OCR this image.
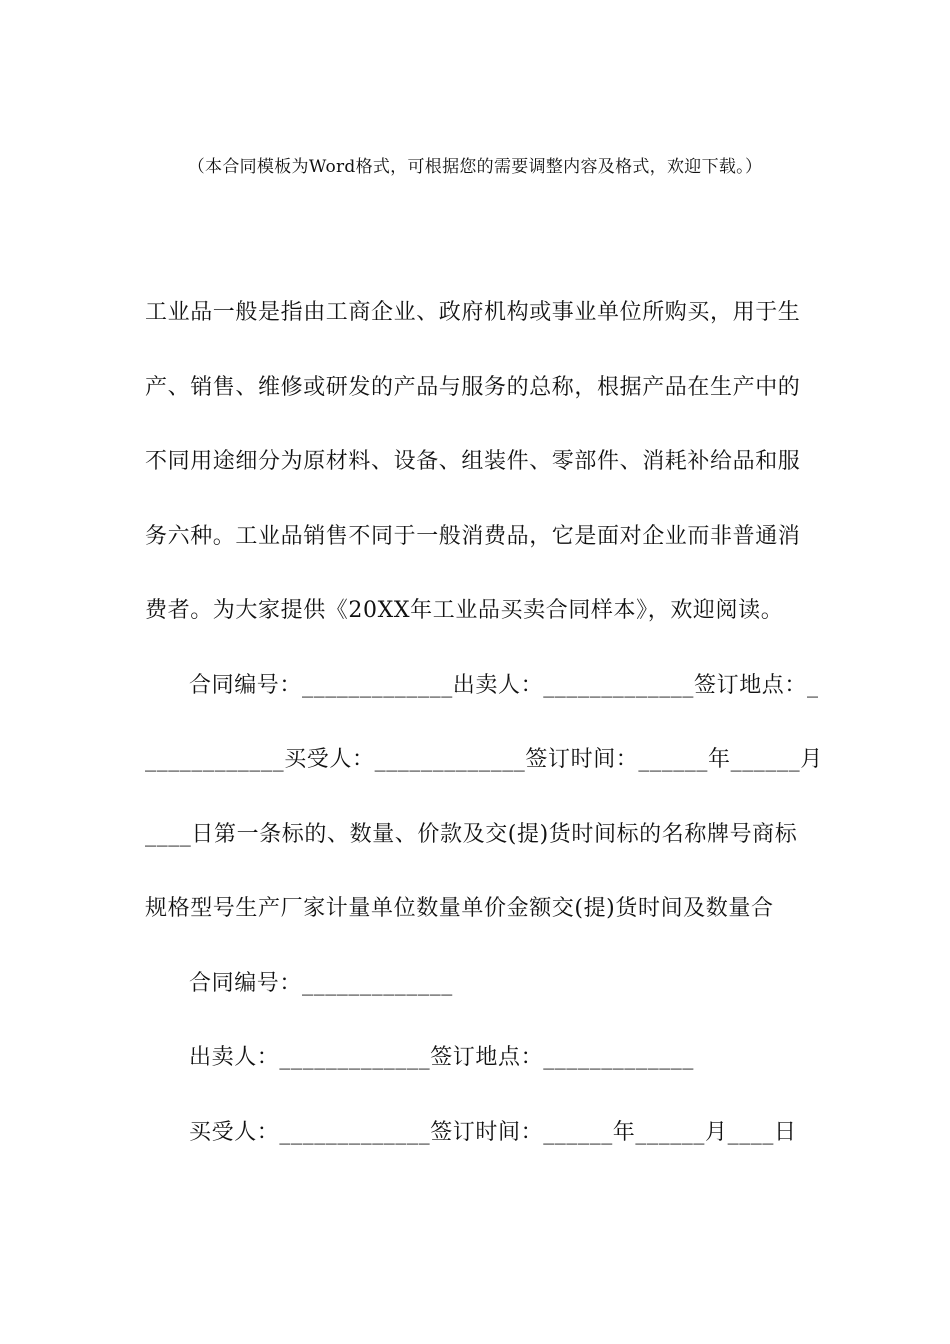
（本合同模板为Word格式，可根据您的需要调整内容及格式，欢迎下载。）
工业品一般是指由工商企业、政府机构或事业单位所购买，用于生
产、销售、维修或研发的产品与服务的总称，根据产品在生产中的
不同用途细分为原材料、设备、组装件、零部件、消耗补给品和服
务六种。工业品销售不同于一般消费品，它是面对企业而非普通消
费者。为大家提供《20XX年工业品买卖合同样本》，欢迎阅读。
合同编号：_____________出卖人：_____________签订地点：_
____________买受人：_____________签订时间：______年______月
____日第一条标的、数量、价款及交(提)货时间标的名称牌号商标
规格型号生产厂家计量单位数量单价金额交(提)货时间及数量合
合同编号：_____________
出卖人：_____________签订地点：_____________
买受人：_____________签订时间：______年______月____日
